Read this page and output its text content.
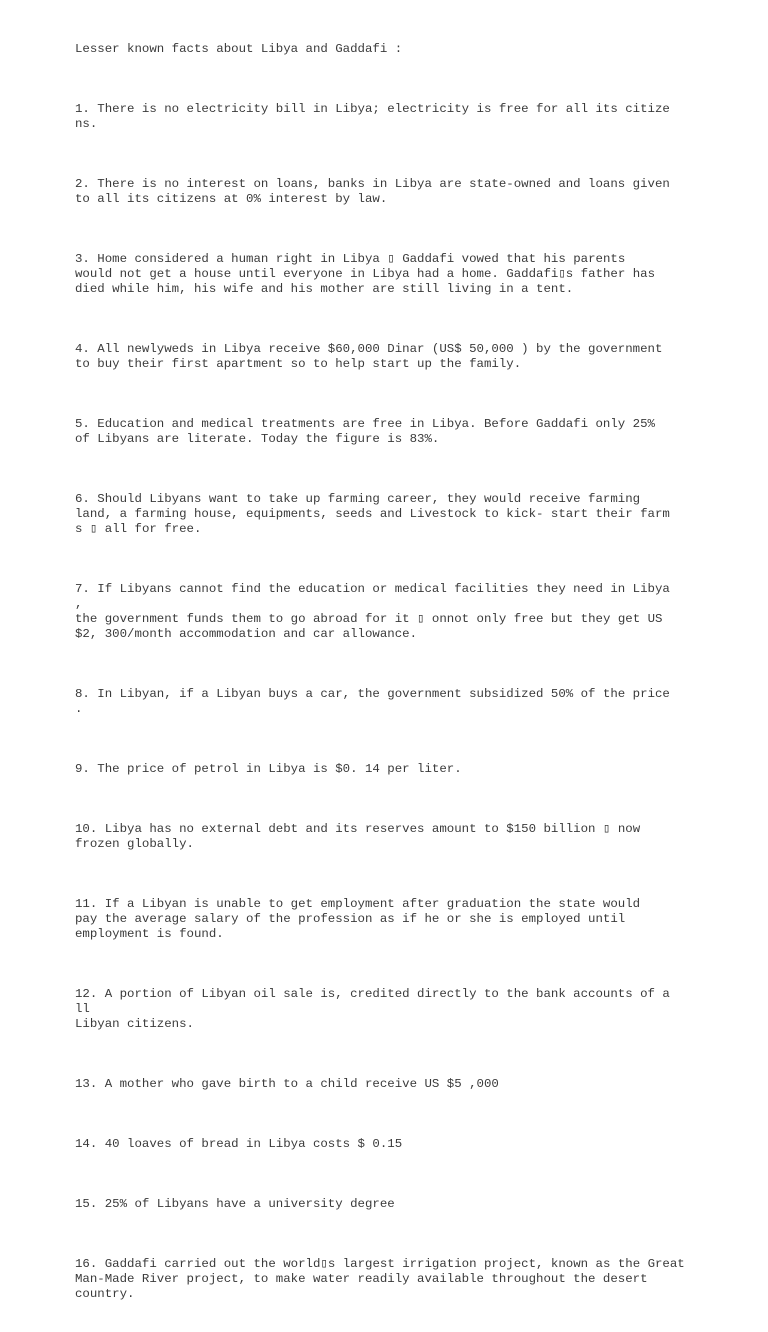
Lesser known facts about Libya and Gaddafi :

1. There is no electricity bill in Libya; electricity is free for all its citize
ns.

2. There is no interest on loans, banks in Libya are state-owned and loans given
to all its citizens at 0% interest by law.

3. Home considered a human right in Libya ▯ Gaddafi vowed that his parents
would not get a house until everyone in Libya had a home. Gaddafi▯s father has
died while him, his wife and his mother are still living in a tent.

4. All newlyweds in Libya receive $60,000 Dinar (US$ 50,000 ) by the government
to buy their first apartment so to help start up the family.

5. Education and medical treatments are free in Libya. Before Gaddafi only 25%
of Libyans are literate. Today the figure is 83%.

6. Should Libyans want to take up farming career, they would receive farming
land, a farming house, equipments, seeds and Livestock to kick- start their farm
s ▯ all for free.

7. If Libyans cannot find the education or medical facilities they need in Libya
,
the government funds them to go abroad for it ▯ onnot only free but they get US
$2, 300/month accommodation and car allowance.

8. In Libyan, if a Libyan buys a car, the government subsidized 50% of the price
.

9. The price of petrol in Libya is $0. 14 per liter.

10. Libya has no external debt and its reserves amount to $150 billion ▯ now
frozen globally.

11. If a Libyan is unable to get employment after graduation the state would
pay the average salary of the profession as if he or she is employed until
employment is found.

12. A portion of Libyan oil sale is, credited directly to the bank accounts of a
ll
Libyan citizens.

13. A mother who gave birth to a child receive US $5 ,000

14. 40 loaves of bread in Libya costs $ 0.15

15. 25% of Libyans have a university degree

16. Gaddafi carried out the world▯s largest irrigation project, known as the Great
Man-Made River project, to make water readily available throughout the desert
country.
